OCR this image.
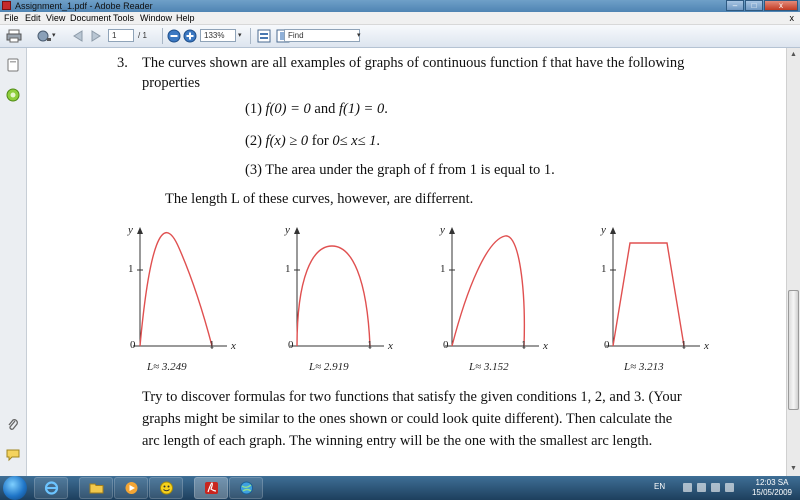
Assignment_1.pdf - Adobe Reader	–	□	x
File Edit View Document Tools Window Help	x
▾	1	/ 1	133%	▾	Find	▾
3. The curves shown are all examples of graphs of continuous function f that have the following
properties
(1) f(0) = 0 and f(1) = 0.
(2) f(x) ≥ 0 for 0≤ x≤ 1.
(3) The area under the graph of f from 1 is equal to 1.
The length L of these curves, however, are differrent.
y
1
0	1 x
L≈ 3.249
y
1
0	1 x
L≈ 2.919
y
1
0	1 x
L≈ 3.152
y
1
0	1 x
L≈ 3.213
Try to discover formulas for two functions that satisfy the given conditions 1, 2, and 3. (Your
graphs might be similar to the ones shown or could look quite different). Then calculate the
arc length of each graph. The winning entry will be the one with the smallest arc length.
▲
▼
EN	12:03 SA
15/05/2009
